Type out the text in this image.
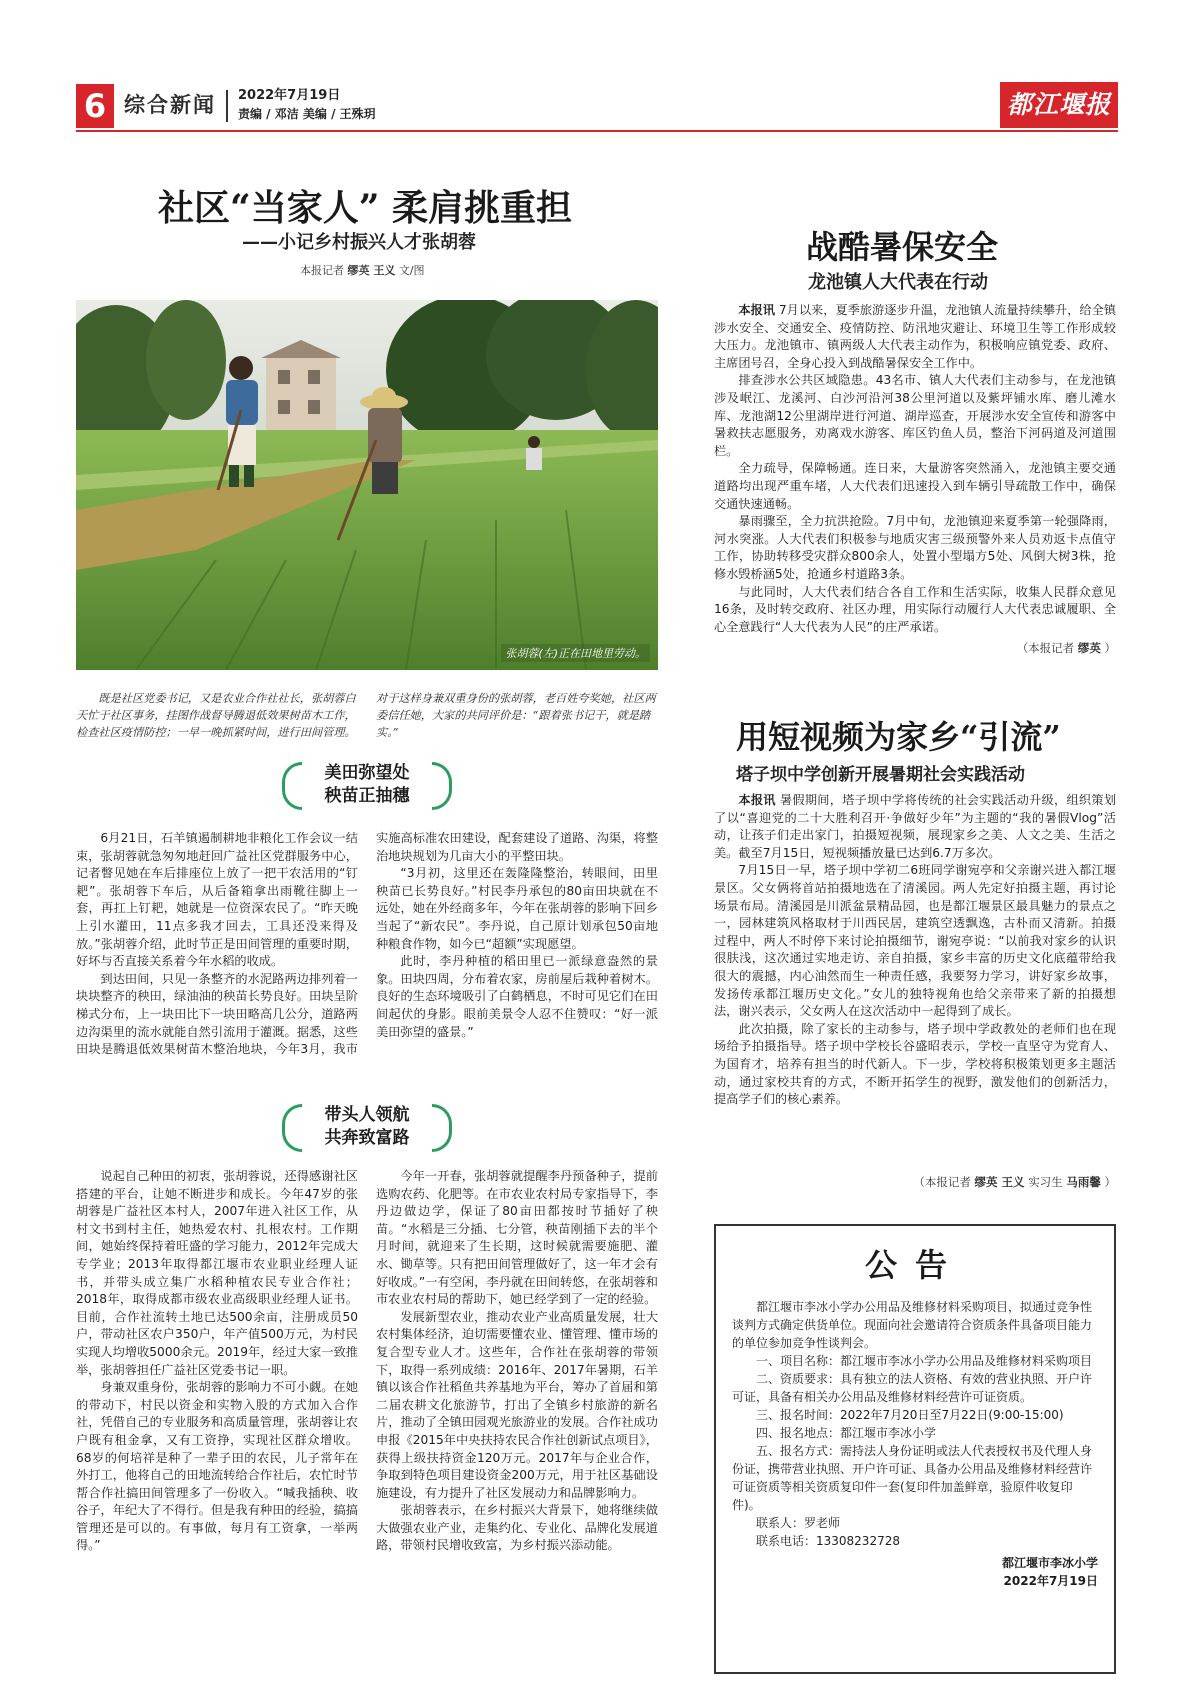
6 综合新闻 2022年7月19日
责编 / 邓洁 美编 / 王殊玥	都江堰报
社区“当家人” 柔肩挑重担
——小记乡村振兴人才张胡蓉
本报记者 缪英 王义 文/图
张胡蓉(左)正在田地里劳动。

既是社区党委书记，又是农业合作社社长，张胡蓉白天忙于社区事务，挂图作战督导腾退低效果树苗木工作，检查社区疫情防控；一早一晚抓紧时间，进行田间管理。对于这样身兼双重身份的张胡蓉，老百姓夸奖她，社区两委信任她，大家的共同评价是：“跟着张书记干，就是踏实。”

美田弥望处
秧苗正抽穗

6月21日，石羊镇遏制耕地非粮化工作会议一结束，张胡蓉就急匆匆地赶回广益社区党群服务中心，记者瞥见她在车后排座位上放了一把干农活用的“钉耙”。张胡蓉下车后，从后备箱拿出雨靴往脚上一套，再扛上钉耙，她就是一位资深农民了。“昨天晚上引水灌田，11点多我才回去，工具还没来得及放。”张胡蓉介绍，此时节正是田间管理的重要时期，好坏与否直接关系着今年水稻的收成。

到达田间，只见一条整齐的水泥路两边排列着一块块整齐的秧田，绿油油的秧苗长势良好。田块呈阶梯式分布，上一块田比下一块田略高几公分，道路两边沟渠里的流水就能自然引流用于灌溉。据悉，这些田块是腾退低效果树苗木整治地块，今年3月，我市实施高标准农田建设，配套建设了道路、沟渠，将整治地块规划为几亩大小的平整田块。

“3月初，这里还在轰隆隆整治，转眼间，田里秧苗已长势良好。”村民李丹承包的80亩田块就在不远处，她在外经商多年，今年在张胡蓉的影响下回乡当起了“新农民”。李丹说，自己原计划承包50亩地种粮食作物，如今已“超额”实现愿望。

此时，李丹种植的稻田里已一派绿意盎然的景象。田块四周，分布着农家，房前屋后栽种着树木。良好的生态环境吸引了白鹤栖息，不时可见它们在田间起伏的身影。眼前美景令人忍不住赞叹：“好一派美田弥望的盛景。”

带头人领航
共奔致富路

说起自己种田的初衷，张胡蓉说，还得感谢社区搭建的平台，让她不断进步和成长。今年47岁的张胡蓉是广益社区本村人，2007年进入社区工作，从村文书到村主任，她热爱农村、扎根农村。工作期间，她始终保持着旺盛的学习能力，2012年完成大专学业；2013年取得都江堰市农业职业经理人证书，并带头成立集广水稻种植农民专业合作社；2018年，取得成都市级农业高级职业经理人证书。目前，合作社流转土地已达500余亩，注册成员50户，带动社区农户350户，年产值500万元，为村民实现人均增收5000余元。2019年，经过大家一致推举，张胡蓉担任广益社区党委书记一职。

身兼双重身份，张胡蓉的影响力不可小觑。在她的带动下，村民以资金和实物入股的方式加入合作社，凭借自己的专业服务和高质量管理，张胡蓉让农户既有租金拿，又有工资挣，实现社区群众增收。68岁的何培祥是种了一辈子田的农民，儿子常年在外打工，他将自己的田地流转给合作社后，农忙时节帮合作社搞田间管理多了一份收入。“喊我插秧、收谷子，年纪大了不得行。但是我有种田的经验，搞搞管理还是可以的。有事做，每月有工资拿，一举两得。”

今年一开春，张胡蓉就提醒李丹预备种子，提前选购农药、化肥等。在市农业农村局专家指导下，李丹边做边学，保证了80亩田都按时节插好了秧苗。“水稻是三分插、七分管，秧苗刚插下去的半个月时间，就迎来了生长期，这时候就需要施肥、灌水、锄草等。只有把田间管理做好了，这一年才会有好收成。”一有空闲，李丹就在田间转悠，在张胡蓉和市农业农村局的帮助下，她已经学到了一定的经验。

发展新型农业，推动农业产业高质量发展，壮大农村集体经济，迫切需要懂农业、懂管理、懂市场的复合型专业人才。这些年，合作社在张胡蓉的带领下，取得一系列成绩：2016年、2017年暑期，石羊镇以该合作社稻鱼共养基地为平台，筹办了首届和第二届农耕文化旅游节，打出了全镇乡村旅游的新名片，推动了全镇田园观光旅游业的发展。合作社成功申报《2015年中央扶持农民合作社创新试点项目》，获得上级扶持资金120万元。2017年与企业合作，争取到特色项目建设资金200万元，用于社区基础设施建设，有力提升了社区发展动力和品牌影响力。

张胡蓉表示，在乡村振兴大背景下，她将继续做大做强农业产业，走集约化、专业化、品牌化发展道路，带领村民增收致富，为乡村振兴添动能。

战酷暑保安全
龙池镇人大代表在行动

本报讯 7月以来，夏季旅游逐步升温，龙池镇人流量持续攀升，给全镇涉水安全、交通安全、疫情防控、防汛地灾避让、环境卫生等工作形成较大压力。龙池镇市、镇两级人大代表主动作为，积极响应镇党委、政府、主席团号召，全身心投入到战酷暑保安全工作中。

排查涉水公共区域隐患。43名市、镇人大代表们主动参与，在龙池镇涉及岷江、龙溪河、白沙河沿河38公里河道以及紫坪铺水库、磨儿滩水库、龙池湖12公里湖岸进行河道、湖岸巡查，开展涉水安全宣传和游客中暑救扶志愿服务，劝离戏水游客、库区钓鱼人员，整治下河码道及河道围栏。

全力疏导，保障畅通。连日来，大量游客突然涌入，龙池镇主要交通道路均出现严重车堵，人大代表们迅速投入到车辆引导疏散工作中，确保交通快速通畅。

暴雨骤至，全力抗洪抢险。7月中旬，龙池镇迎来夏季第一轮强降雨，河水突涨。人大代表们积极参与地质灾害三级预警外来人员劝返卡点值守工作，协助转移受灾群众800余人，处置小型塌方5处、风倒大树3株，抢修水毁桥涵5处，抢通乡村道路3条。

与此同时，人大代表们结合各自工作和生活实际，收集人民群众意见16条，及时转交政府、社区办理，用实际行动履行人大代表忠诚履职、全心全意践行“人大代表为人民”的庄严承诺。

（本报记者 缪英 ）
用短视频为家乡“引流”
塔子坝中学创新开展暑期社会实践活动

本报讯 暑假期间，塔子坝中学将传统的社会实践活动升级，组织策划了以“喜迎党的二十大胜利召开·争做好少年”为主题的“我的暑假Vlog”活动，让孩子们走出家门，拍摄短视频，展现家乡之美、人文之美、生活之美。截至7月15日，短视频播放量已达到6.7万多次。

7月15日一早，塔子坝中学初二6班同学谢宛亭和父亲谢兴进入都江堰景区。父女俩将首站拍摄地选在了清溪园。两人先定好拍摄主题，再讨论场景布局。清溪园是川派盆景精品园，也是都江堰景区最具魅力的景点之一，园林建筑风格取材于川西民居，建筑空透飘逸，古朴而又清新。拍摄过程中，两人不时停下来讨论拍摄细节，谢宛亭说：“以前我对家乡的认识很肤浅，这次通过实地走访、亲自拍摄，家乡丰富的历史文化底蕴带给我很大的震撼，内心油然而生一种责任感，我要努力学习，讲好家乡故事，发扬传承都江堰历史文化。”女儿的独特视角也给父亲带来了新的拍摄想法，谢兴表示，父女两人在这次活动中一起得到了成长。

此次拍摄，除了家长的主动参与，塔子坝中学政教处的老师们也在现场给予拍摄指导。塔子坝中学校长谷盛昭表示，学校一直坚守为党育人、为国育才，培养有担当的时代新人。下一步，学校将积极策划更多主题活动，通过家校共育的方式，不断开拓学生的视野，激发他们的创新活力，提高学子们的核心素养。

（本报记者 缪英 王义 实习生 马雨馨 ）
公告

都江堰市李冰小学办公用品及维修材料采购项目，拟通过竞争性谈判方式确定供货单位。现面向社会邀请符合资质条件具备项目能力的单位参加竞争性谈判会。

一、项目名称：都江堰市李冰小学办公用品及维修材料采购项目

二、资质要求：具有独立的法人资格、有效的营业执照、开户许可证，具备有相关办公用品及维修材料经营许可证资质。

三、报名时间：2022年7月20日至7月22日(9:00-15:00)

四、报名地点：都江堰市李冰小学

五、报名方式：需持法人身份证明或法人代表授权书及代理人身份证，携带营业执照、开户许可证、具备办公用品及维修材料经营许可证资质等相关资质复印件一套(复印件加盖鲜章，验原件收复印件)。

联系人：罗老师

联系电话：13308232728

都江堰市李冰小学
2022年7月19日
